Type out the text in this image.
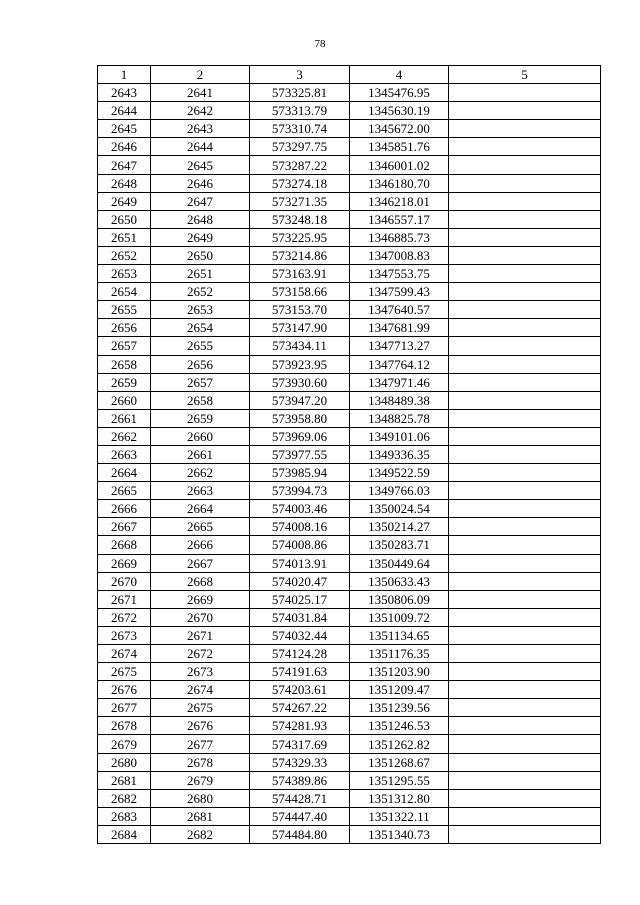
78
1	2	3	4	5
2643	2641	573325.81	1345476.95	
2644	2642	573313.79	1345630.19	
2645	2643	573310.74	1345672.00	
2646	2644	573297.75	1345851.76	
2647	2645	573287.22	1346001.02	
2648	2646	573274.18	1346180.70	
2649	2647	573271.35	1346218.01	
2650	2648	573248.18	1346557.17	
2651	2649	573225.95	1346885.73	
2652	2650	573214.86	1347008.83	
2653	2651	573163.91	1347553.75	
2654	2652	573158.66	1347599.43	
2655	2653	573153.70	1347640.57	
2656	2654	573147.90	1347681.99	
2657	2655	573434.11	1347713.27	
2658	2656	573923.95	1347764.12	
2659	2657	573930.60	1347971.46	
2660	2658	573947.20	1348489.38	
2661	2659	573958.80	1348825.78	
2662	2660	573969.06	1349101.06	
2663	2661	573977.55	1349336.35	
2664	2662	573985.94	1349522.59	
2665	2663	573994.73	1349766.03	
2666	2664	574003.46	1350024.54	
2667	2665	574008.16	1350214.27	
2668	2666	574008.86	1350283.71	
2669	2667	574013.91	1350449.64	
2670	2668	574020.47	1350633.43	
2671	2669	574025.17	1350806.09	
2672	2670	574031.84	1351009.72	
2673	2671	574032.44	1351134.65	
2674	2672	574124.28	1351176.35	
2675	2673	574191.63	1351203.90	
2676	2674	574203.61	1351209.47	
2677	2675	574267.22	1351239.56	
2678	2676	574281.93	1351246.53	
2679	2677	574317.69	1351262.82	
2680	2678	574329.33	1351268.67	
2681	2679	574389.86	1351295.55	
2682	2680	574428.71	1351312.80	
2683	2681	574447.40	1351322.11	
2684	2682	574484.80	1351340.73	
